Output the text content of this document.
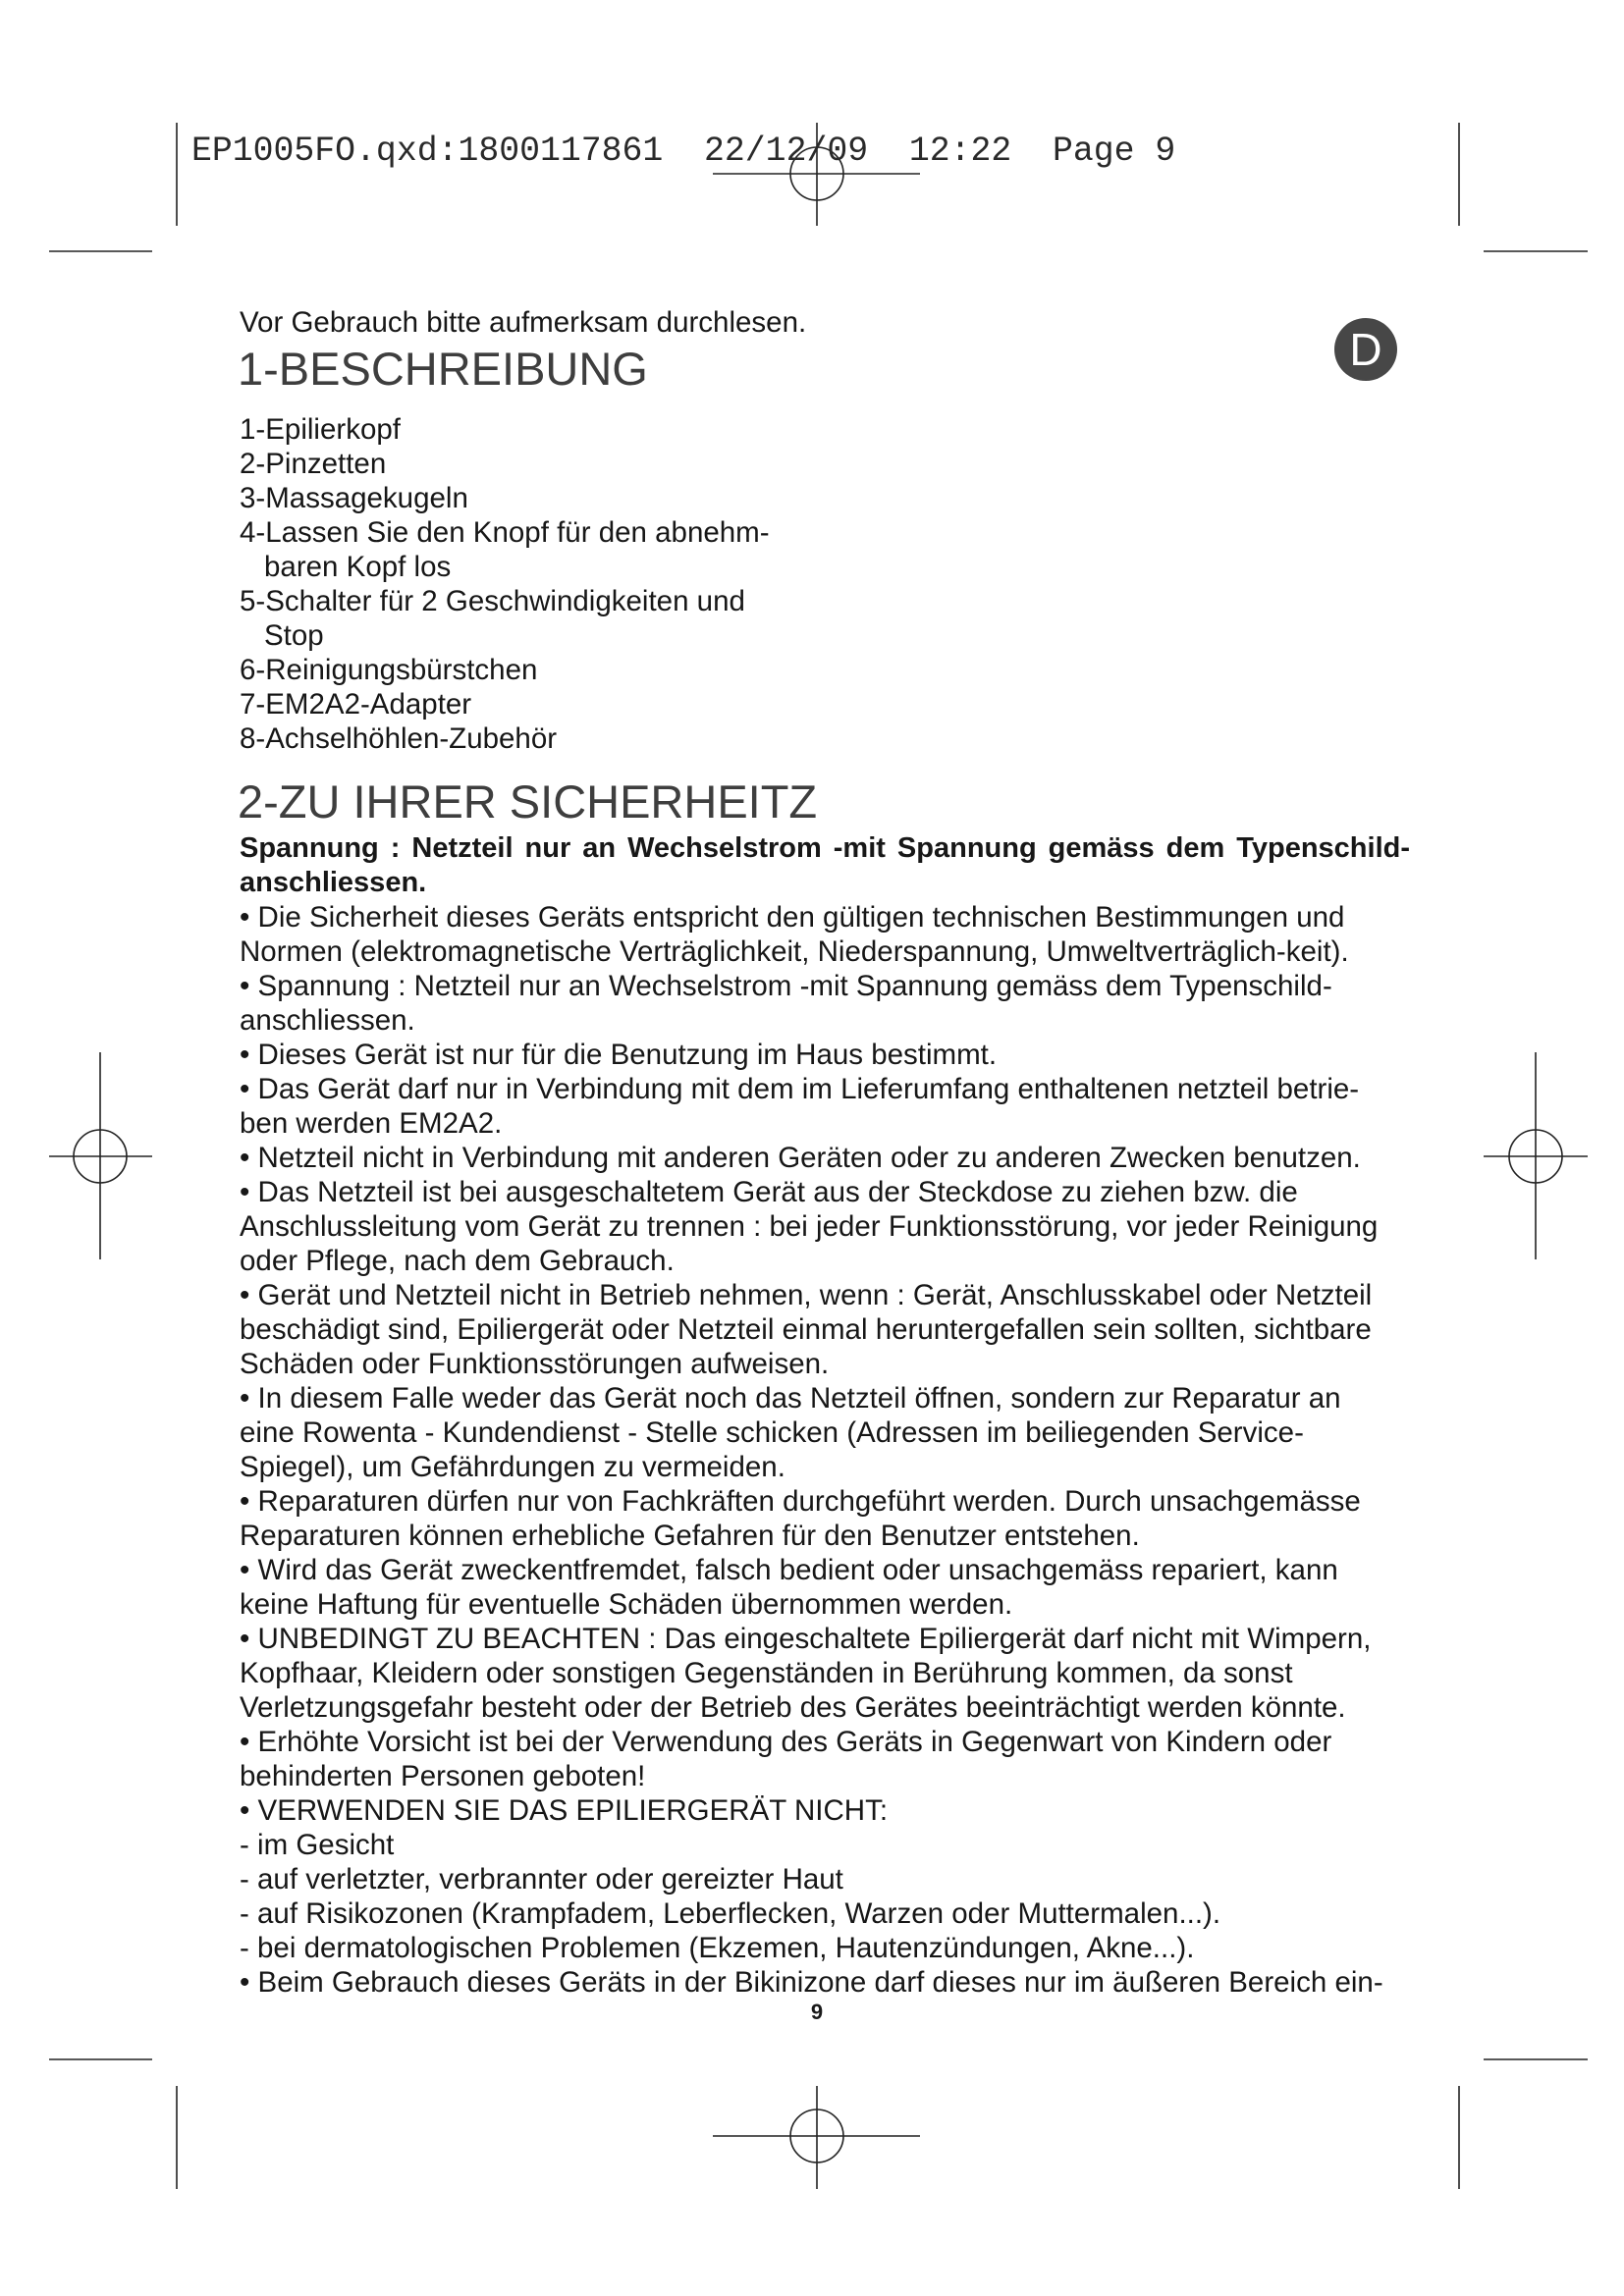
EP1005FO.qxd:1800117861  22/12/09  12:22  Page 9
D
Vor Gebrauch bitte aufmerksam durchlesen.
1-BESCHREIBUNG
1-Epilierkopf
2-Pinzetten
3-Massagekugeln
4-Lassen Sie den Knopf für den abnehm-
baren Kopf los
5-Schalter für 2 Geschwindigkeiten und
Stop
6-Reinigungsbürstchen
7-EM2A2-Adapter
8-Achselhöhlen-Zubehör
2-ZU IHRER SICHERHEITZ
Spannung : Netzteil nur an Wechselstrom -mit Spannung gemäss dem Typenschild-
anschliessen.
• Die Sicherheit dieses Geräts entspricht den gültigen technischen Bestimmungen und
Normen (elektromagnetische Verträglichkeit, Niederspannung, Umweltverträglich-keit).
• Spannung : Netzteil nur an Wechselstrom -mit Spannung gemäss dem Typenschild-
anschliessen.
• Dieses Gerät ist nur für die Benutzung im Haus bestimmt.
• Das Gerät darf nur in Verbindung mit dem im Lieferumfang enthaltenen netzteil betrie-
ben werden EM2A2.
• Netzteil nicht in Verbindung mit anderen Geräten oder zu anderen Zwecken benutzen.
• Das Netzteil ist bei ausgeschaltetem Gerät aus der Steckdose zu ziehen bzw. die
Anschlussleitung vom Gerät zu trennen : bei jeder Funktionsstörung, vor jeder Reinigung
oder Pflege, nach dem Gebrauch.
• Gerät und Netzteil nicht in Betrieb nehmen, wenn : Gerät, Anschlusskabel oder Netzteil
beschädigt sind, Epiliergerät oder Netzteil einmal heruntergefallen sein sollten, sichtbare
Schäden oder Funktionsstörungen aufweisen.
• In diesem Falle weder das Gerät noch das Netzteil öffnen, sondern zur Reparatur an
eine Rowenta - Kundendienst - Stelle schicken (Adressen im beiliegenden Service-
Spiegel), um Gefährdungen zu vermeiden.
• Reparaturen dürfen nur von Fachkräften durchgeführt werden. Durch unsachgemässe
Reparaturen können erhebliche Gefahren für den Benutzer entstehen.
• Wird das Gerät zweckentfremdet, falsch bedient oder unsachgemäss repariert, kann
keine Haftung für eventuelle Schäden übernommen werden.
• UNBEDINGT ZU BEACHTEN : Das eingeschaltete Epiliergerät darf nicht mit Wimpern,
Kopfhaar, Kleidern oder sonstigen Gegenständen in Berührung kommen, da sonst
Verletzungsgefahr besteht oder der Betrieb des Gerätes beeinträchtigt werden könnte.
• Erhöhte Vorsicht ist bei der Verwendung des Geräts in Gegenwart von Kindern oder
behinderten Personen geboten!
• VERWENDEN SIE DAS EPILIERGERÄT NICHT:
- im Gesicht
- auf verletzter, verbrannter oder gereizter Haut
- auf Risikozonen (Krampfadem, Leberflecken, Warzen oder Muttermalen...).
- bei dermatologischen Problemen (Ekzemen, Hautenzündungen, Akne...).
• Beim Gebrauch dieses Geräts in der Bikinizone darf dieses nur im äußeren Bereich ein-
9
